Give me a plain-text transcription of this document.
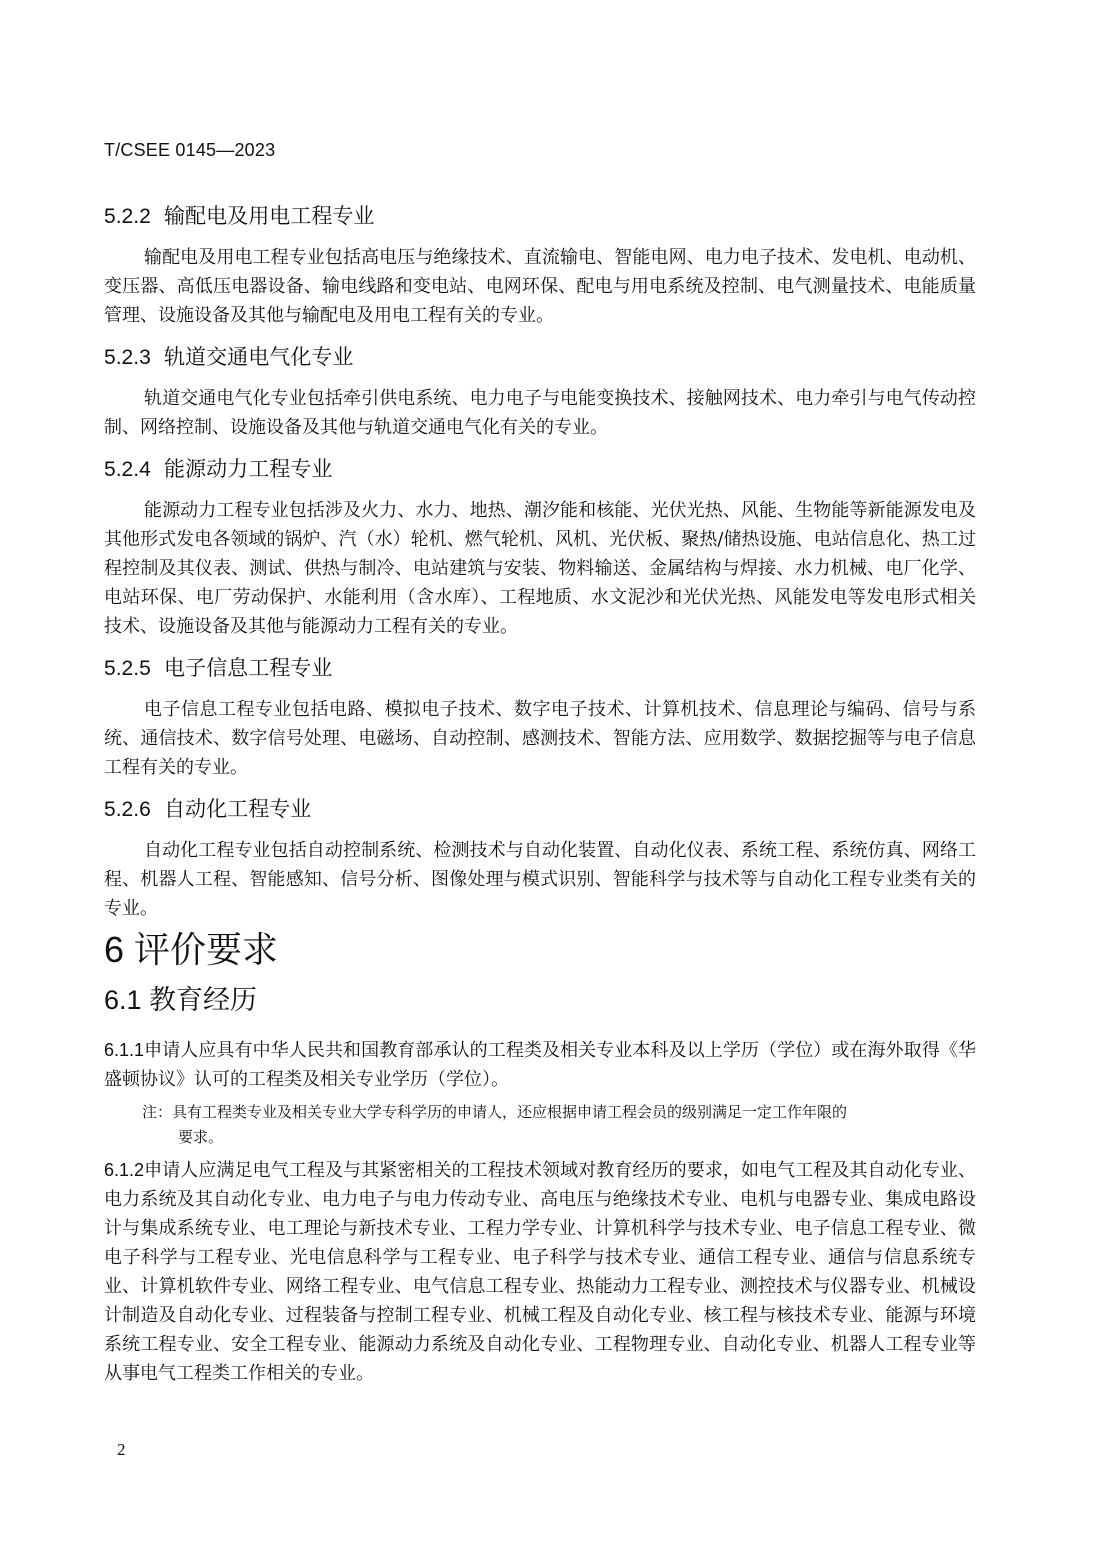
T/CSEE 0145—2023
5.2.2 输配电及用电工程专业

输配电及用电工程专业包括高电压与绝缘技术、直流输电、智能电网、电力电子技术、发电机、电动机、变压器、高低压电器设备、输电线路和变电站、电网环保、配电与用电系统及控制、电气测量技术、电能质量管理、设施设备及其他与输配电及用电工程有关的专业。

5.2.3 轨道交通电气化专业

轨道交通电气化专业包括牵引供电系统、电力电子与电能变换技术、接触网技术、电力牵引与电气传动控制、网络控制、设施设备及其他与轨道交通电气化有关的专业。

5.2.4 能源动力工程专业

能源动力工程专业包括涉及火力、水力、地热、潮汐能和核能、光伏光热、风能、生物能等新能源发电及其他形式发电各领域的锅炉、汽（水）轮机、燃气轮机、风机、光伏板、聚热/储热设施、电站信息化、热工过程控制及其仪表、测试、供热与制冷、电站建筑与安装、物料输送、金属结构与焊接、水力机械、电厂化学、电站环保、电厂劳动保护、水能利用（含水库）、工程地质、水文泥沙和光伏光热、风能发电等发电形式相关技术、设施设备及其他与能源动力工程有关的专业。

5.2.5 电子信息工程专业

电子信息工程专业包括电路、模拟电子技术、数字电子技术、计算机技术、信息理论与编码、信号与系统、通信技术、数字信号处理、电磁场、自动控制、感测技术、智能方法、应用数学、数据挖掘等与电子信息工程有关的专业。

5.2.6 自动化工程专业

自动化工程专业包括自动控制系统、检测技术与自动化装置、自动化仪表、系统工程、系统仿真、网络工程、机器人工程、智能感知、信号分析、图像处理与模式识别、智能科学与技术等与自动化工程专业类有关的专业。

6 评价要求
6.1 教育经历

6.1.1申请人应具有中华人民共和国教育部承认的工程类及相关专业本科及以上学历（学位）或在海外取得《华盛顿协议》认可的工程类及相关专业学历（学位）。

注：具有工程类专业及相关专业大学专科学历的申请人，还应根据申请工程会员的级别满足一定工作年限的
要求。

6.1.2申请人应满足电气工程及与其紧密相关的工程技术领域对教育经历的要求，如电气工程及其自动化专业、电力系统及其自动化专业、电力电子与电力传动专业、高电压与绝缘技术专业、电机与电器专业、集成电路设计与集成系统专业、电工理论与新技术专业、工程力学专业、计算机科学与技术专业、电子信息工程专业、微电子科学与工程专业、光电信息科学与工程专业、电子科学与技术专业、通信工程专业、通信与信息系统专业、计算机软件专业、网络工程专业、电气信息工程专业、热能动力工程专业、测控技术与仪器专业、机械设计制造及自动化专业、过程装备与控制工程专业、机械工程及自动化专业、核工程与核技术专业、能源与环境系统工程专业、安全工程专业、能源动力系统及自动化专业、工程物理专业、自动化专业、机器人工程专业等从事电气工程类工作相关的专业。

2
